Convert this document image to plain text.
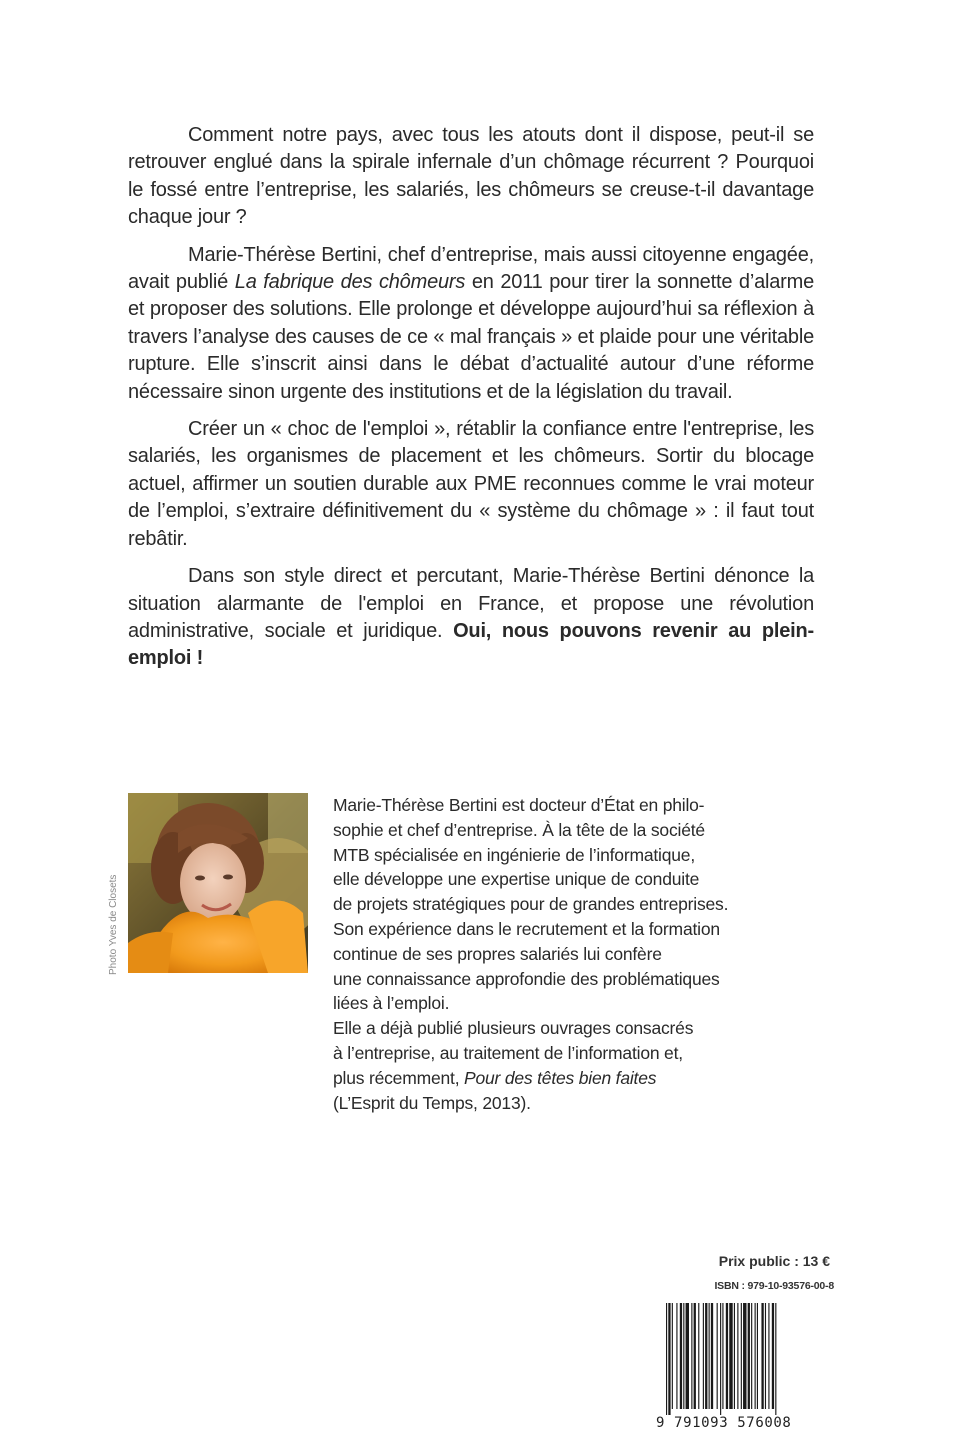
Comment notre pays, avec tous les atouts dont il dispose, peut-il se retrouver englué dans la spirale infernale d’un chômage récurrent ? Pourquoi le fossé entre l’entreprise, les salariés, les chômeurs se creuse-t-il davantage chaque jour ?

Marie-Thérèse Bertini, chef d’entreprise, mais aussi citoyenne engagée, avait publié La fabrique des chômeurs en 2011 pour tirer la sonnette d’alarme et proposer des solutions. Elle prolonge et développe aujourd’hui sa réflexion à travers l’analyse des causes de ce « mal français » et plaide pour une véritable rupture. Elle s’inscrit ainsi dans le débat d’actualité autour d’une réforme nécessaire sinon urgente des institutions et de la législation du travail.

Créer un « choc de l'emploi », rétablir la confiance entre l'entreprise, les salariés, les organismes de placement et les chômeurs. Sortir du blocage actuel, affirmer un soutien durable aux PME reconnues comme le vrai moteur de l’emploi, s’extraire définitivement du « système du chômage » : il faut tout rebâtir.

Dans son style direct et percutant, Marie-Thérèse Bertini dénonce la situation alarmante de l'emploi en France, et propose une révolution administrative, sociale et juridique. Oui, nous pouvons revenir au plein-emploi !

Photo Yves de Closets
Marie-Thérèse Bertini est docteur d’État en philo-
sophie et chef d’entreprise. À la tête de la société
MTB spécialisée en ingénierie de l’informatique,
elle développe une expertise unique de conduite
de projets stratégiques pour de grandes entreprises.
Son expérience dans le recrutement et la formation
continue de ses propres salariés lui confère
une connaissance approfondie des problématiques
liées à l’emploi.
Elle a déjà publié plusieurs ouvrages consacrés
à l’entreprise, au traitement de l’information et,
plus récemment, Pour des têtes bien faites
(L’Esprit du Temps, 2013).
Prix public : 13 €
ISBN : 979-10-93576-00-8
9 791093 576008
